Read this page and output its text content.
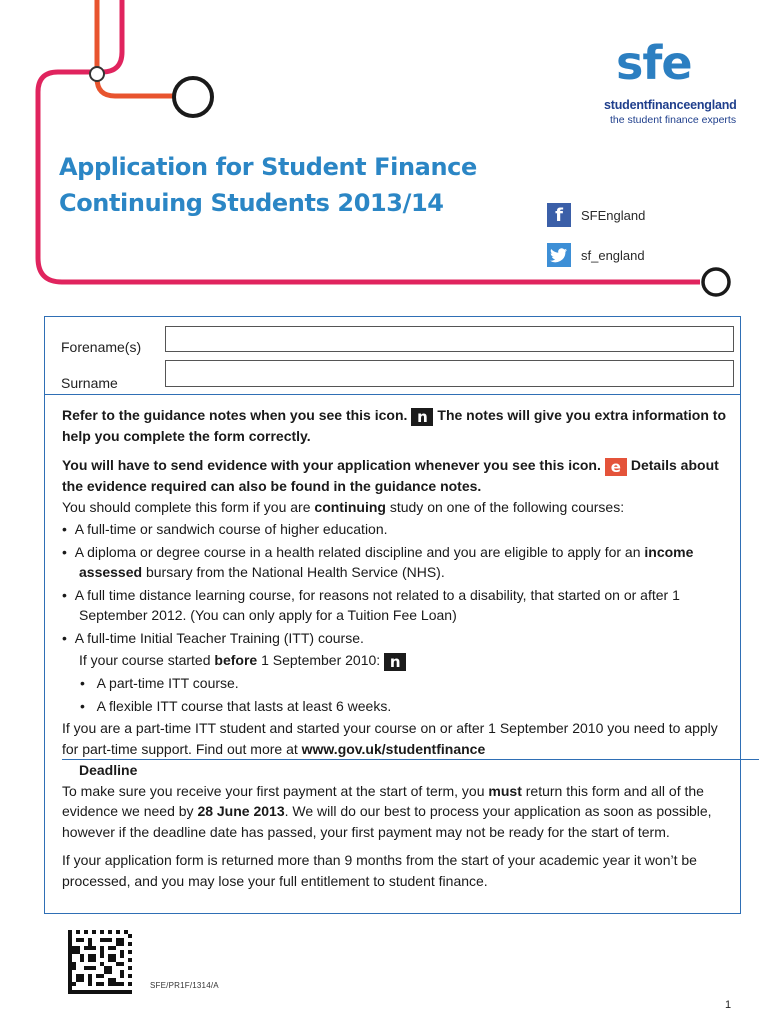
sfe
studentfinanceengland
the student finance experts
Application for Student Finance
Continuing Students 2013/14	f	SFEngland
sf_england
Forename(s)
Surname

Refer to the guidance notes when you see this icon. n The notes will give you extra information to help you complete the form correctly.

You will have to send evidence with your application whenever you see this icon. e Details about the evidence required can also be found in the guidance notes.

You should complete this form if you are continuing study on one of the following courses:

•  A full-time or sandwich course of higher education.

•  A diploma or degree course in a health related discipline and you are eligible to apply for an income assessed bursary from the National Health Service (NHS).

•  A full time distance learning course, for reasons not related to a disability, that started on or after 1 September 2012. (You can only apply for a Tuition Fee Loan)

•  A full-time Initial Teacher Training (ITT) course.

If your course started before 1 September 2010: n

•   A part-time ITT course.

•   A flexible ITT course that lasts at least 6 weeks.

If you are a part-time ITT student and started your course on or after 1 September 2010 you need to apply for part-time support. Find out more at www.gov.uk/studentfinance

Deadline

To make sure you receive your first payment at the start of term, you must return this form and all of the evidence we need by 28 June 2013. We will do our best to process your application as soon as possible, however if the deadline date has passed, your first payment may not be ready for the start of term.

If your application form is returned more than 9 months from the start of your academic year it won’t be processed, and you may lose your full entitlement to student finance.

SFE/PR1F/1314/A
1
